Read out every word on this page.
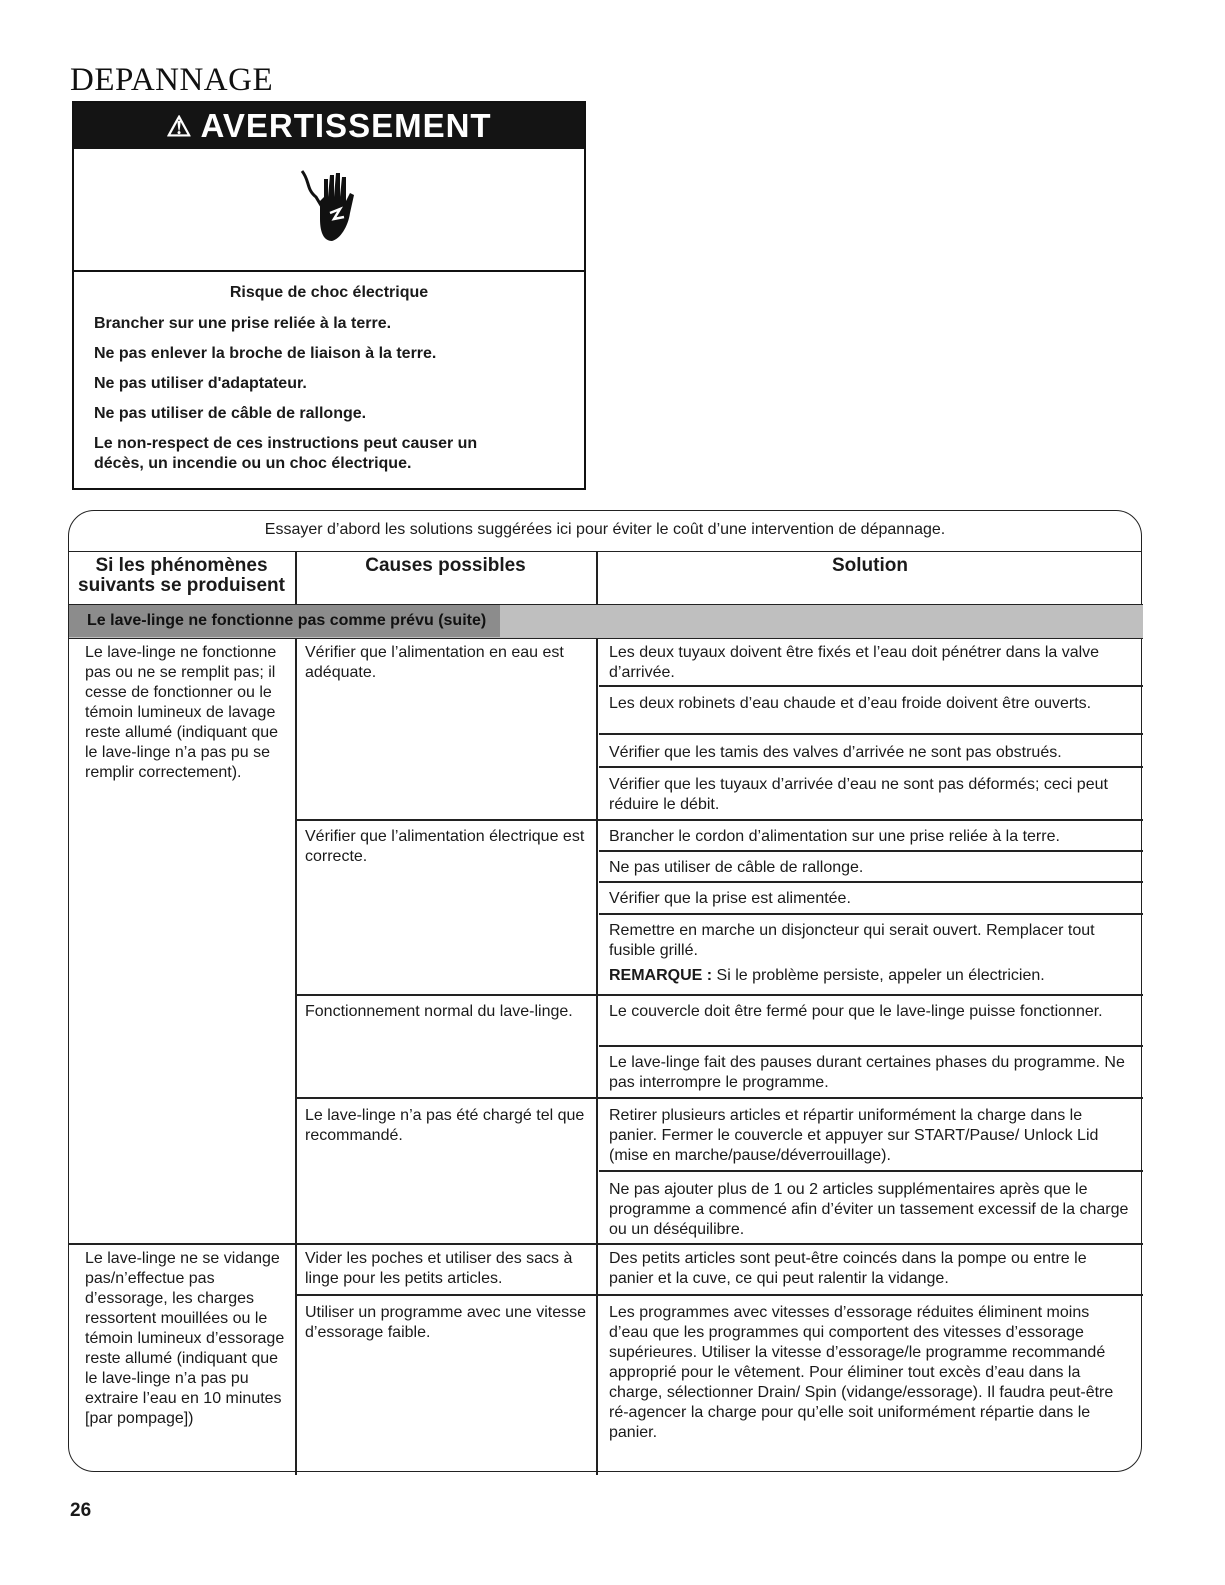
DEPANNAGE
⚠ AVERTISSEMENT
Risque de choc électrique
Brancher sur une prise reliée à la terre.
Ne pas enlever la broche de liaison à la terre.
Ne pas utiliser d'adaptateur.
Ne pas utiliser de câble de rallonge.
Le non-respect de ces instructions peut causer un décès, un incendie ou un choc électrique.
Essayer d’abord les solutions suggérées ici pour éviter le coût d’une intervention de dépannage.
Si les phénomènes suivants se produisent
Causes possibles	Solution
Le lave-linge ne fonctionne pas comme prévu (suite)
Le lave-linge ne fonctionne pas ou ne se remplit pas; il cesse de fonctionner ou le témoin lumineux de lavage reste allumé (indiquant que le lave-linge n’a pas pu se remplir correctement).
Le lave-linge ne se vidange pas/n’effectue pas d’essorage, les charges ressortent mouillées ou le témoin lumineux d’essorage reste allumé (indiquant que le lave-linge n’a pas pu extraire l’eau en 10 minutes [par pompage])
Vérifier que l’alimentation en eau est adéquate.
Vérifier que l’alimentation électrique est correcte.
Fonctionnement normal du lave-linge.
Le lave-linge n’a pas été chargé tel que recommandé.
Vider les poches et utiliser des sacs à linge pour les petits articles.
Utiliser un programme avec une vitesse d’essorage faible.
Les deux tuyaux doivent être fixés et l’eau doit pénétrer dans la valve d’arrivée.
Les deux robinets d’eau chaude et d’eau froide doivent être ouverts.
Vérifier que les tamis des valves d’arrivée ne sont pas obstrués.
Vérifier que les tuyaux d’arrivée d’eau ne sont pas déformés; ceci peut réduire le débit.
Brancher le cordon d’alimentation sur une prise reliée à la terre.
Ne pas utiliser de câble de rallonge.
Vérifier que la prise est alimentée.
Remettre en marche un disjoncteur qui serait ouvert. Remplacer tout fusible grillé.
REMARQUE : Si le problème persiste, appeler un électricien.
Le couvercle doit être fermé pour que le lave-linge puisse fonctionner.
Le lave-linge fait des pauses durant certaines phases du programme. Ne pas interrompre le programme.
Retirer plusieurs articles et répartir uniformément la charge dans le panier. Fermer le couvercle et appuyer sur START/Pause/ Unlock Lid (mise en marche/pause/déverrouillage).
Ne pas ajouter plus de 1 ou 2 articles supplémentaires après que le programme a commencé afin d’éviter un tassement excessif de la charge ou un déséquilibre.
Des petits articles sont peut-être coincés dans la pompe ou entre le panier et la cuve, ce qui peut ralentir la vidange.
Les programmes avec vitesses d’essorage réduites éliminent moins d’eau que les programmes qui comportent des vitesses d’essorage supérieures. Utiliser la vitesse d’essorage/le programme recommandé approprié pour le vêtement. Pour éliminer tout excès d’eau dans la charge, sélectionner Drain/ Spin (vidange/essorage). Il faudra peut-être ré-agencer la charge pour qu’elle soit uniformément répartie dans le panier.
26
